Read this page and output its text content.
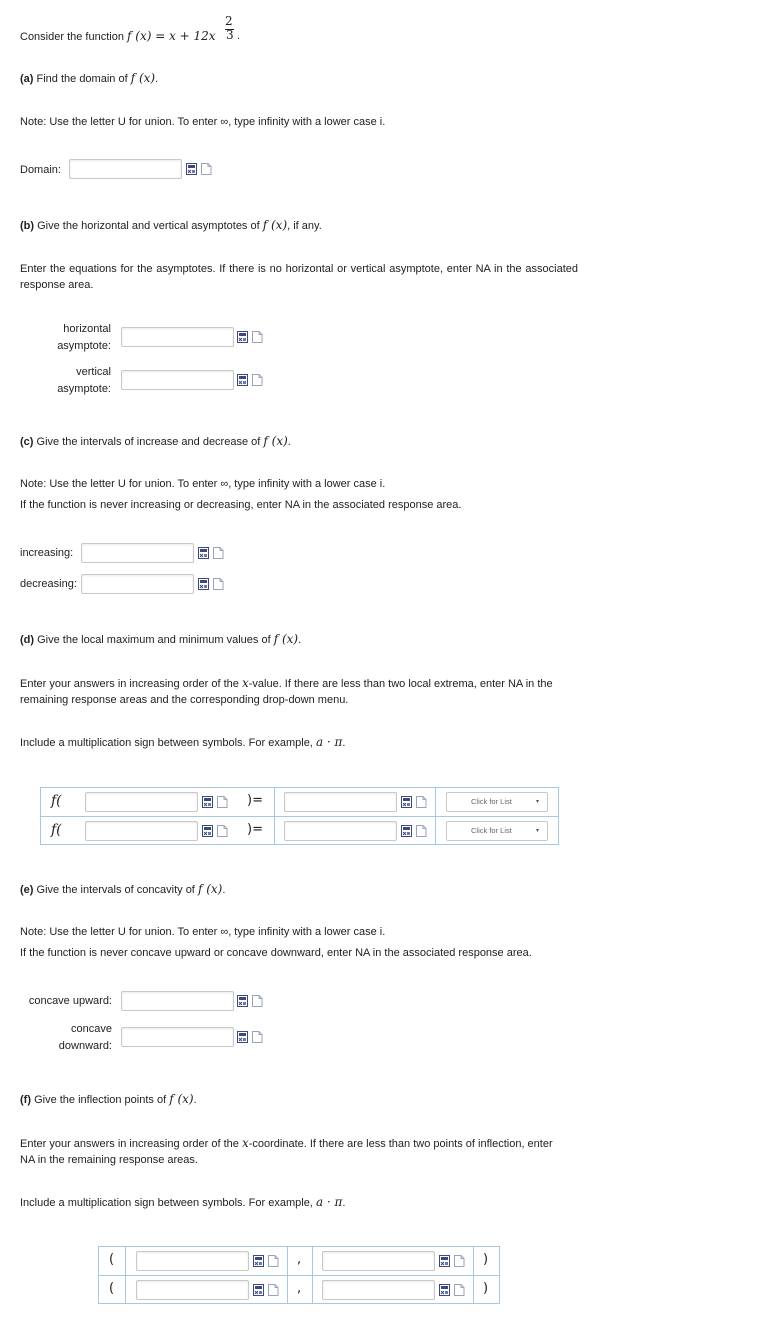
Consider the function f (x) = x + 12x
2
3 .
(a) Find the domain of f (x).
Note: Use the letter U for union. To enter ∞, type infinity with a lower case i.
Domain:
(b) Give the horizontal and vertical asymptotes of f (x), if any.
Enter the equations for the asymptotes. If there is no horizontal or vertical asymptote, enter NA in the associated response area.
horizontal
asymptote:
vertical
asymptote:
(c) Give the intervals of increase and decrease of f (x).
Note: Use the letter U for union. To enter ∞, type infinity with a lower case i.
If the function is never increasing or decreasing, enter NA in the associated response area.
increasing:
decreasing:
(d) Give the local maximum and minimum values of f (x).
Enter your answers in increasing order of the x-value. If there are less than two local extrema, enter NA in the
remaining response areas and the corresponding drop-down menu.
Include a multiplication sign between symbols. For example, a · π.
f(	)=	Click for List	▾
f(	)=	Click for List	▾
(e) Give the intervals of concavity of f (x).
Note: Use the letter U for union. To enter ∞, type infinity with a lower case i.
If the function is never concave upward or concave downward, enter NA in the associated response area.
concave upward:
concave
downward:
(f) Give the inflection points of f (x).
Enter your answers in increasing order of the x-coordinate. If there are less than two points of inflection, enter
NA in the remaining response areas.
Include a multiplication sign between symbols. For example, a · π.
(	,	)
(	,	)
